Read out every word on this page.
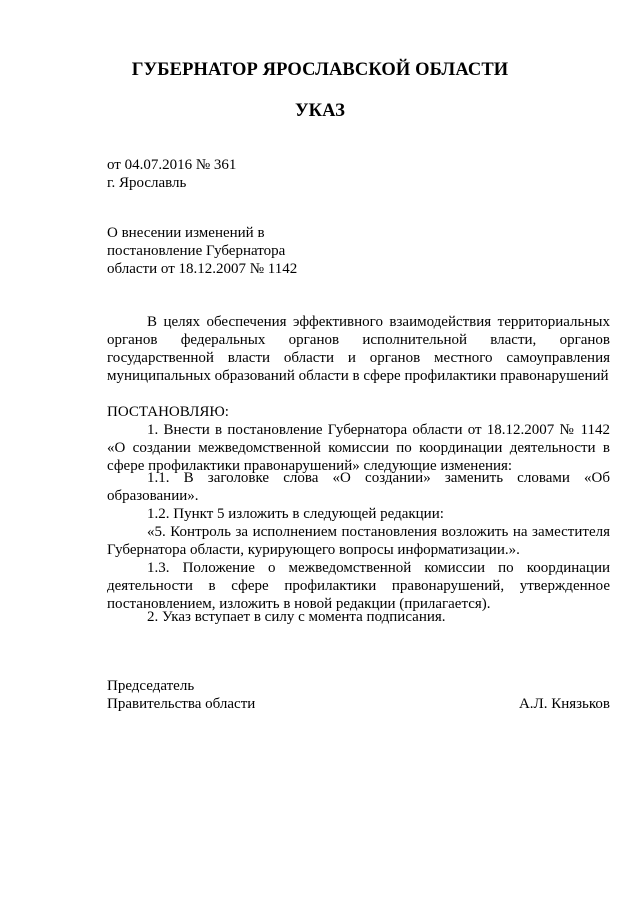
ГУБЕРНАТОР ЯРОСЛАВСКОЙ ОБЛАСТИ

УКАЗ

от 04.07.2016 № 361

г. Ярославль

О внесении изменений в

постановление Губернатора

области от 18.12.2007 № 1142

В целях обеспечения эффективного взаимодействия территориальных органов федеральных органов исполнительной власти, органов государственной власти области и органов местного самоуправления муниципальных образований области в сфере профилактики правонарушений

ПОСТАНОВЛЯЮ:

1. Внести в постановление Губернатора области от 18.12.2007 № 1142 «О создании межведомственной комиссии по координации деятельности в сфере профилактики правонарушений» следующие изменения:

1.1. В заголовке слова «О создании» заменить словами «Об образовании».

1.2. Пункт 5 изложить в следующей редакции:

«5. Контроль за исполнением постановления возложить на заместителя Губернатора области, курирующего вопросы информатизации.».

1.3. Положение о межведомственной комиссии по координации деятельности в сфере профилактики правонарушений, утвержденное постановлением, изложить в новой редакции (прилагается).

2. Указ вступает в силу с момента подписания.

Председатель

Правительства области	А.Л. Князьков
